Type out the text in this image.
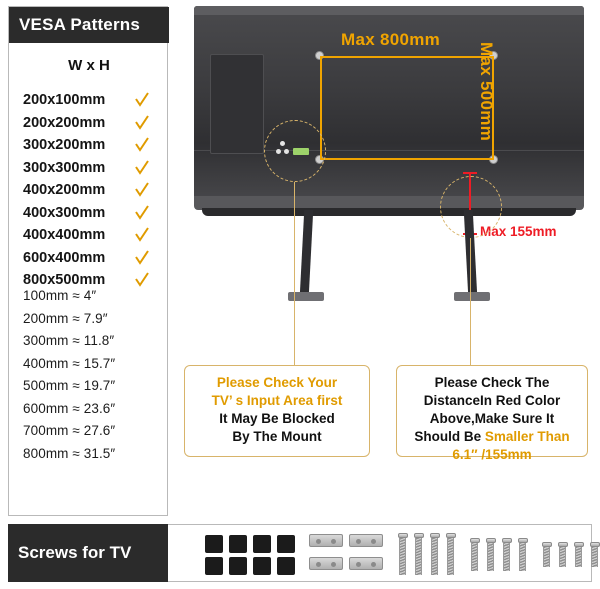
VESA Patterns
W x H
200x100mm
200x200mm
300x200mm
300x300mm
400x200mm
400x300mm
400x400mm
600x400mm
800x500mm
100mm ≈ 4″
200mm ≈ 7.9″
300mm ≈ 11.8″
400mm ≈ 15.7″
500mm ≈ 19.7″
600mm ≈ 23.6″
700mm ≈ 27.6″
800mm ≈ 31.5″
Max 800mm
Max 500mm
Max 155mm
Please Check Your
TV’ s Input Area first
It May Be Blocked
By The Mount
Please Check The
DistanceIn Red Color
Above,Make Sure It
Should Be Smaller Than
6.1″ /155mm
Screws for TV
